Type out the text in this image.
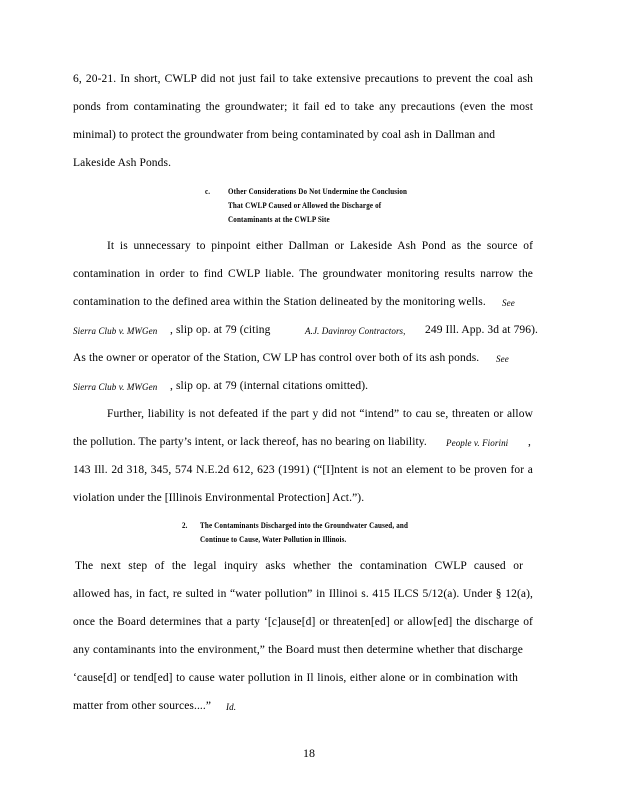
6, 20-21. In short, CWLP did not just fail to take extensive precautions to prevent the coal ash
ponds from contaminating the groundwater; it fail ed to take any precautions (even the most
minimal) to protect the groundwater from being contaminated by coal ash in Dallman and
Lakeside Ash Ponds.
c. Other Considerations Do Not Undermine the Conclusion
That CWLP Caused or Allowed the Discharge of
Contaminants at the CWLP Site
It is unnecessary to pinpoint either Dallman or Lakeside Ash Pond as the source of
contamination in order to find CWLP liable. The groundwater monitoring results narrow the
contamination to the defined area within the Station delineated by the monitoring wells.	See
Sierra Club v. MWGen , slip op. at 79 (citing	A.J. Davinroy Contractors, 249 Ill. App. 3d at 796).
As the owner or operator of the Station, CW LP has control over both of its ash ponds.	See
Sierra Club v. MWGen , slip op. at 79 (internal citations omitted).
Further, liability is not defeated if the part y did not “intend” to cau se, threaten or allow
the pollution. The party’s intent, or lack thereof, has no bearing on liability.	People v. Fiorini ,
143 Ill. 2d 318, 345, 574 N.E.2d 612, 623 (1991) (“[I]ntent is not an element to be proven for a
violation under the [Illinois Environmental Protection] Act.”).
2. The Contaminants Discharged into the Groundwater Caused, and
Continue to Cause, Water Pollution in Illinois.
The next step of the legal inquiry asks whether the contamination CWLP caused or
allowed has, in fact, re sulted in “water pollution” in Illinoi s. 415 ILCS 5/12(a). Under § 12(a),
once the Board determines that a party ‘[c]ause[d] or threaten[ed] or allow[ed] the discharge of
any contaminants into the environment,” the Board must then determine whether that discharge
‘cause[d] or tend[ed] to cause water pollution in Il linois, either alone or in combination with
matter from other sources....” Id.
18
